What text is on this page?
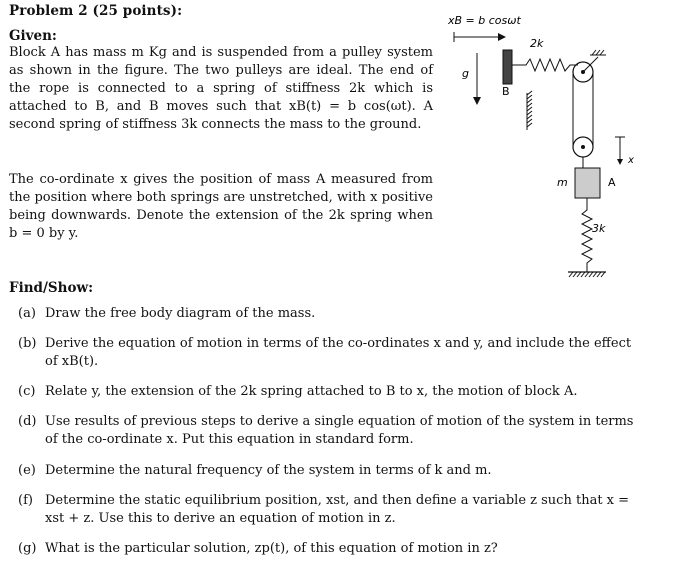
Problem 2 (25 points):
Given:
Block A has mass m Kg and is suspended from a pulley system as shown in the figure. The two pulleys are ideal. The end of the rope is connected to a spring of stiffness 2k which is attached to B, and B moves such that xB(t) = b cos(ωt). A second spring of stiffness 3k connects the mass to the ground.
The co-ordinate x gives the position of mass A measured from the position where both springs are unstretched, with x positive being downwards. Denote the extension of the 2k spring when b = 0 by y.
xB = b cosωt
g
B
2k
m	A
x
3k
Find/Show:
(a) Draw the free body diagram of the mass.
(b) Derive the equation of motion in terms of the co-ordinates x and y, and include the effect of xB(t).
(c) Relate y, the extension of the 2k spring attached to B to x, the motion of block A.
(d) Use results of previous steps to derive a single equation of motion of the system in terms of the co-ordinate x. Put this equation in standard form.
(e) Determine the natural frequency of the system in terms of k and m.
(f) Determine the static equilibrium position, xst, and then define a variable z such that x = xst + z. Use this to derive an equation of motion in z.
(g) What is the particular solution, zp(t), of this equation of motion in z?
